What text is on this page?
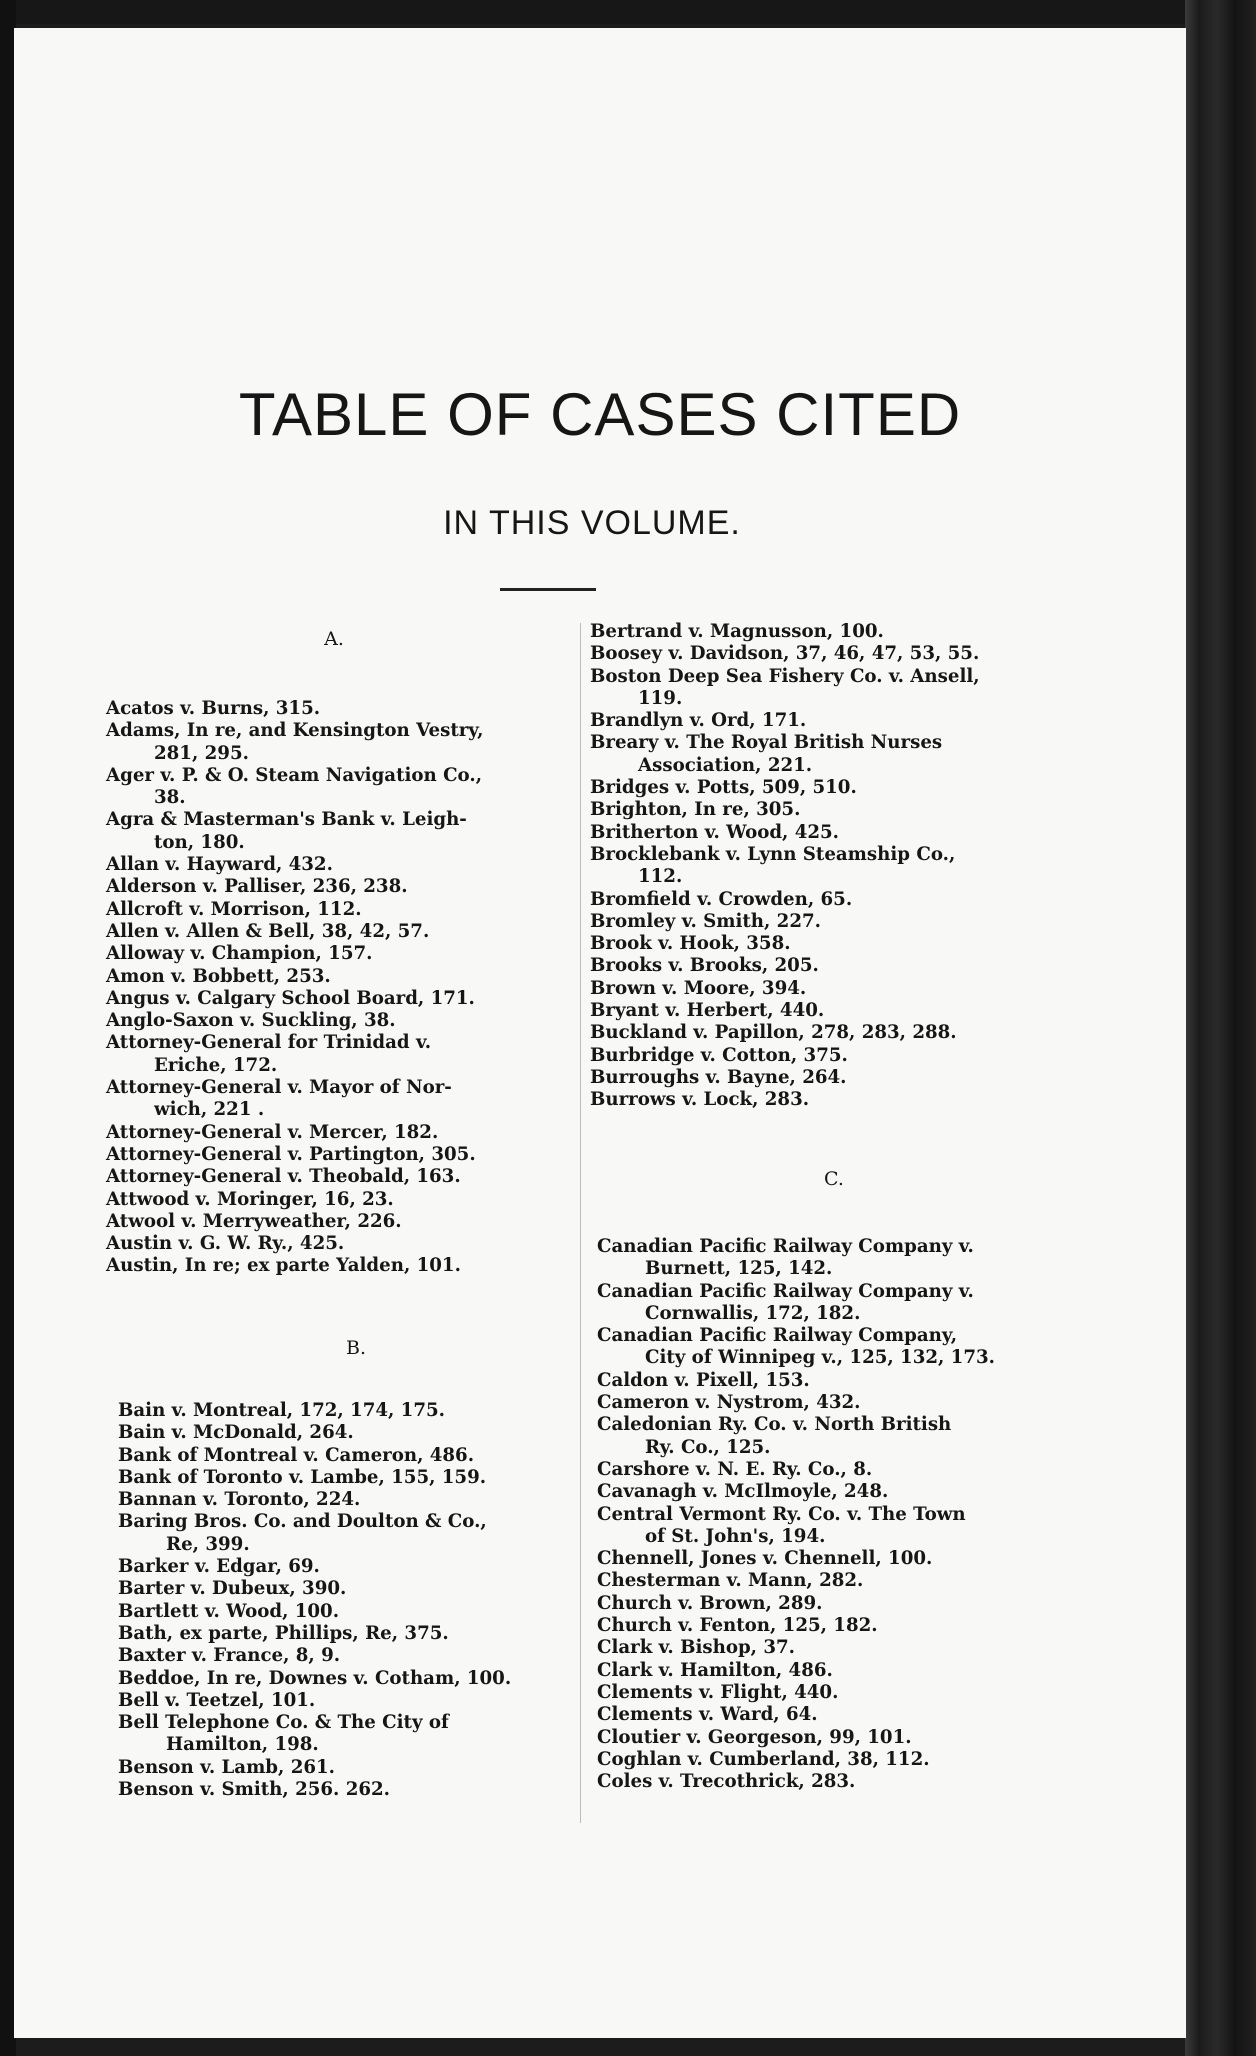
TABLE OF CASES CITED
IN THIS VOLUME.
A.
Acatos v. Burns, 315.
Adams, In re, and Kensington Vestry,
281, 295.
Ager v. P. & O. Steam Navigation Co.,
38.
Agra & Masterman's Bank v. Leigh-
ton, 180.
Allan v. Hayward, 432.
Alderson v. Palliser, 236, 238.
Allcroft v. Morrison, 112.
Allen v. Allen & Bell, 38, 42, 57.
Alloway v. Champion, 157.
Amon v. Bobbett, 253.
Angus v. Calgary School Board, 171.
Anglo-Saxon v. Suckling, 38.
Attorney-General for Trinidad v.
Eriche, 172.
Attorney-General v. Mayor of Nor-
wich, 221 .
Attorney-General v. Mercer, 182.
Attorney-General v. Partington, 305.
Attorney-General v. Theobald, 163.
Attwood v. Moringer, 16, 23.
Atwool v. Merryweather, 226.
Austin v. G. W. Ry., 425.
Austin, In re; ex parte Yalden, 101.
Bertrand v. Magnusson, 100.
Boosey v. Davidson, 37, 46, 47, 53, 55.
Boston Deep Sea Fishery Co. v. Ansell,
119.
Brandlyn v. Ord, 171.
Breary v. The Royal British Nurses
Association, 221.
Bridges v. Potts, 509, 510.
Brighton, In re, 305.
Britherton v. Wood, 425.
Brocklebank v. Lynn Steamship Co.,
112.
Bromfield v. Crowden, 65.
Bromley v. Smith, 227.
Brook v. Hook, 358.
Brooks v. Brooks, 205.
Brown v. Moore, 394.
Bryant v. Herbert, 440.
Buckland v. Papillon, 278, 283, 288.
Burbridge v. Cotton, 375.
Burroughs v. Bayne, 264.
Burrows v. Lock, 283.
B.
Bain v. Montreal, 172, 174, 175.
Bain v. McDonald, 264.
Bank of Montreal v. Cameron, 486.
Bank of Toronto v. Lambe, 155, 159.
Bannan v. Toronto, 224.
Baring Bros. Co. and Doulton & Co.,
Re, 399.
Barker v. Edgar, 69.
Barter v. Dubeux, 390.
Bartlett v. Wood, 100.
Bath, ex parte, Phillips, Re, 375.
Baxter v. France, 8, 9.
Beddoe, In re, Downes v. Cotham, 100.
Bell v. Teetzel, 101.
Bell Telephone Co. & The City of
Hamilton, 198.
Benson v. Lamb, 261.
Benson v. Smith, 256. 262.
C.
Canadian Pacific Railway Company v.
Burnett, 125, 142.
Canadian Pacific Railway Company v.
Cornwallis, 172, 182.
Canadian Pacific Railway Company,
City of Winnipeg v., 125, 132, 173.
Caldon v. Pixell, 153.
Cameron v. Nystrom, 432.
Caledonian Ry. Co. v. North British
Ry. Co., 125.
Carshore v. N. E. Ry. Co., 8.
Cavanagh v. McIlmoyle, 248.
Central Vermont Ry. Co. v. The Town
of St. John's, 194.
Chennell, Jones v. Chennell, 100.
Chesterman v. Mann, 282.
Church v. Brown, 289.
Church v. Fenton, 125, 182.
Clark v. Bishop, 37.
Clark v. Hamilton, 486.
Clements v. Flight, 440.
Clements v. Ward, 64.
Cloutier v. Georgeson, 99, 101.
Coghlan v. Cumberland, 38, 112.
Coles v. Trecothrick, 283.
